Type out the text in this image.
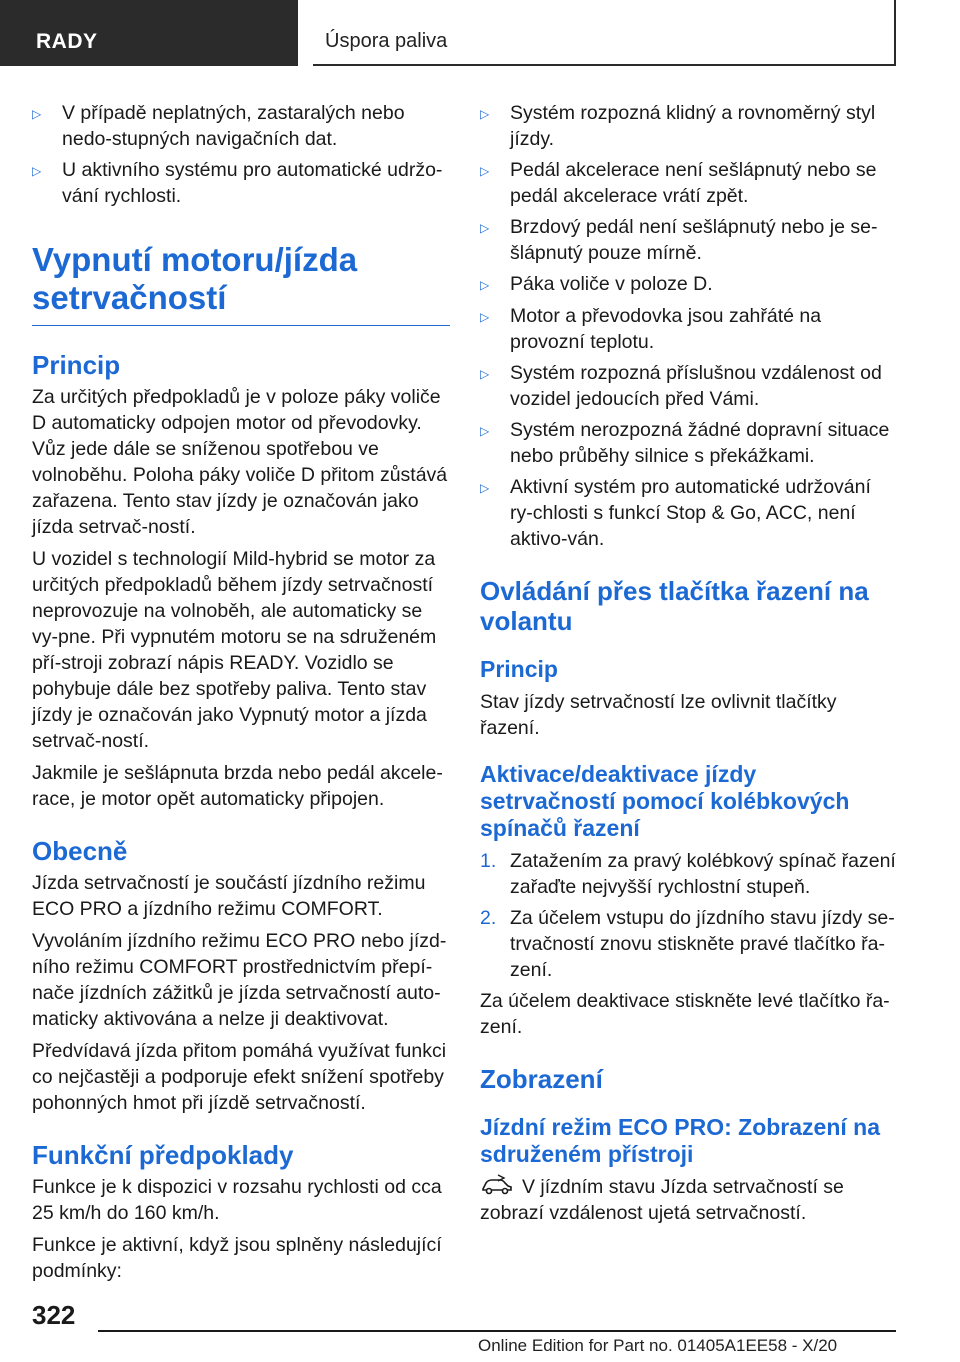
RADY	Úspora paliva
▷	V případě neplatných, zastaralých nebo nedo-stupných navigačních dat.
▷	U aktivního systému pro automatické udržo-vání rychlosti.
Vypnutí motoru/jízda setrvačností
Princip

Za určitých předpokladů je v poloze páky voliče D automaticky odpojen motor od převodovky. Vůz jede dále se sníženou spotřebou ve volnoběhu. Poloha páky voliče D přitom zůstává zařazena. Tento stav jízdy je označován jako jízda setrvač-ností.

U vozidel s technologií Mild-hybrid se motor za určitých předpokladů během jízdy setrvačností neprovozuje na volnoběh, ale automaticky se vy-pne. Při vypnutém motoru se na sdruženém pří-stroji zobrazí nápis READY. Vozidlo se pohybuje dále bez spotřeby paliva. Tento stav jízdy je označován jako Vypnutý motor a jízda setrvač-ností.

Jakmile je sešlápnuta brzda nebo pedál akcele-race, je motor opět automaticky připojen.

Obecně

Jízda setrvačností je součástí jízdního režimu ECO PRO a jízdního režimu COMFORT.

Vyvoláním jízdního režimu ECO PRO nebo jízd-ního režimu COMFORT prostřednictvím přepí-nače jízdních zážitků je jízda setrvačností auto-maticky aktivována a nelze ji deaktivovat.

Předvídavá jízda přitom pomáhá využívat funkci co nejčastěji a podporuje efekt snížení spotřeby pohonných hmot při jízdě setrvačností.

Funkční předpoklady

Funkce je k dispozici v rozsahu rychlosti od cca 25 km/h do 160 km/h.

Funkce je aktivní, když jsou splněny následující podmínky:

▷	Systém rozpozná klidný a rovnoměrný styl jízdy.
▷	Pedál akcelerace není sešlápnutý nebo se pedál akcelerace vrátí zpět.
▷	Brzdový pedál není sešlápnutý nebo je se-šlápnutý pouze mírně.
▷	Páka voliče v poloze D.
▷	Motor a převodovka jsou zahřáté na provozní teplotu.
▷	Systém rozpozná příslušnou vzdálenost od vozidel jedoucích před Vámi.
▷	Systém nerozpozná žádné dopravní situace nebo průběhy silnice s překážkami.
▷	Aktivní systém pro automatické udržování ry-chlosti s funkcí Stop & Go, ACC, není aktivo-ván.
Ovládání přes tlačítka řazení na volantu
Princip

Stav jízdy setrvačností lze ovlivnit tlačítky řazení.

Aktivace/deaktivace jízdy setrvačností pomocí kolébkových spínačů řazení
1. Zatažením za pravý kolébkový spínač řazení zařaďte nejvyšší rychlostní stupeň.
2. Za účelem vstupu do jízdního stavu jízdy se-trvačností znovu stiskněte pravé tlačítko řa-zení.

Za účelem deaktivace stiskněte levé tlačítko řa-zení.

Zobrazení
Jízdní režim ECO PRO: Zobrazení na sdruženém přístroji

V jízdním stavu Jízda setrvačností se zobrazí vzdálenost ujetá setrvačností.

322
Online Edition for Part no. 01405A1EE58 - X/20
